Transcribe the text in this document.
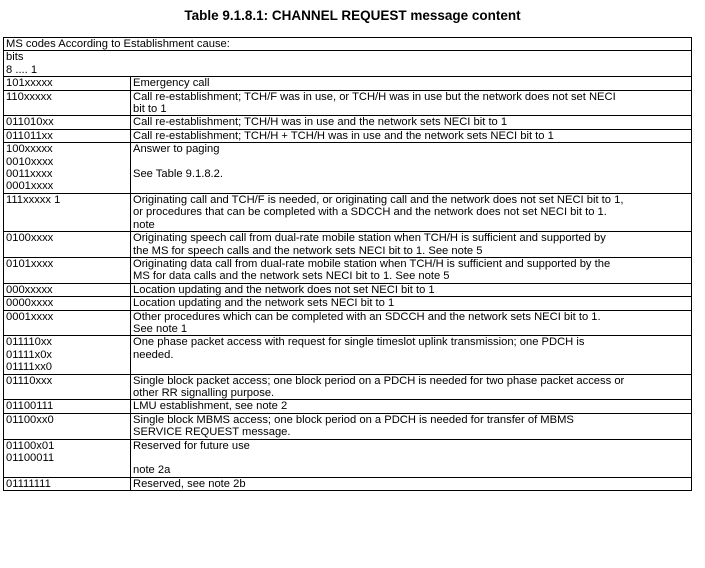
Table 9.1.8.1: CHANNEL REQUEST message content
MS codes According to Establishment cause:	
bits
8 .... 1	
101xxxxx	Emergency call
110xxxxx	Call re-establishment; TCH/F was in use, or TCH/H was in use but the network does not set NECI
bit to 1
011010xx	Call re-establishment; TCH/H was in use and the network sets NECI bit to 1
011011xx	Call re-establishment; TCH/H + TCH/H was in use and the network sets NECI bit to 1
100xxxxx
0010xxxx
0011xxxx
0001xxxx	Answer to paging

See Table 9.1.8.2.
111xxxxx 1	Originating call and TCH/F is needed, or originating call and the network does not set NECI bit to 1,
or procedures that can be completed with a SDCCH and the network does not set NECI bit to 1.
note
0100xxxx	Originating speech call from dual-rate mobile station when TCH/H is sufficient and supported by
the MS for speech calls and the network sets NECI bit to 1. See note 5
0101xxxx	Originating data call from dual-rate mobile station when TCH/H is sufficient and supported by the
MS for data calls and the network sets NECI bit to 1. See note 5
000xxxxx	Location updating and the network does not set NECI bit to 1
0000xxxx	Location updating and the network sets NECI bit to 1
0001xxxx	Other procedures which can be completed with an SDCCH and the network sets NECI bit to 1.
See note 1
011110xx
01111x0x
01111xx0	One phase packet access with request for single timeslot uplink transmission; one PDCH is
needed.
01110xxx	Single block packet access; one block period on a PDCH is needed for two phase packet access or
other RR signalling purpose.
01100111	LMU establishment, see note 2
01100xx0	Single block MBMS access; one block period on a PDCH is needed for transfer of MBMS
SERVICE REQUEST message.
01100x01
01100011	Reserved for future use

note 2a
01111111	Reserved, see note 2b
